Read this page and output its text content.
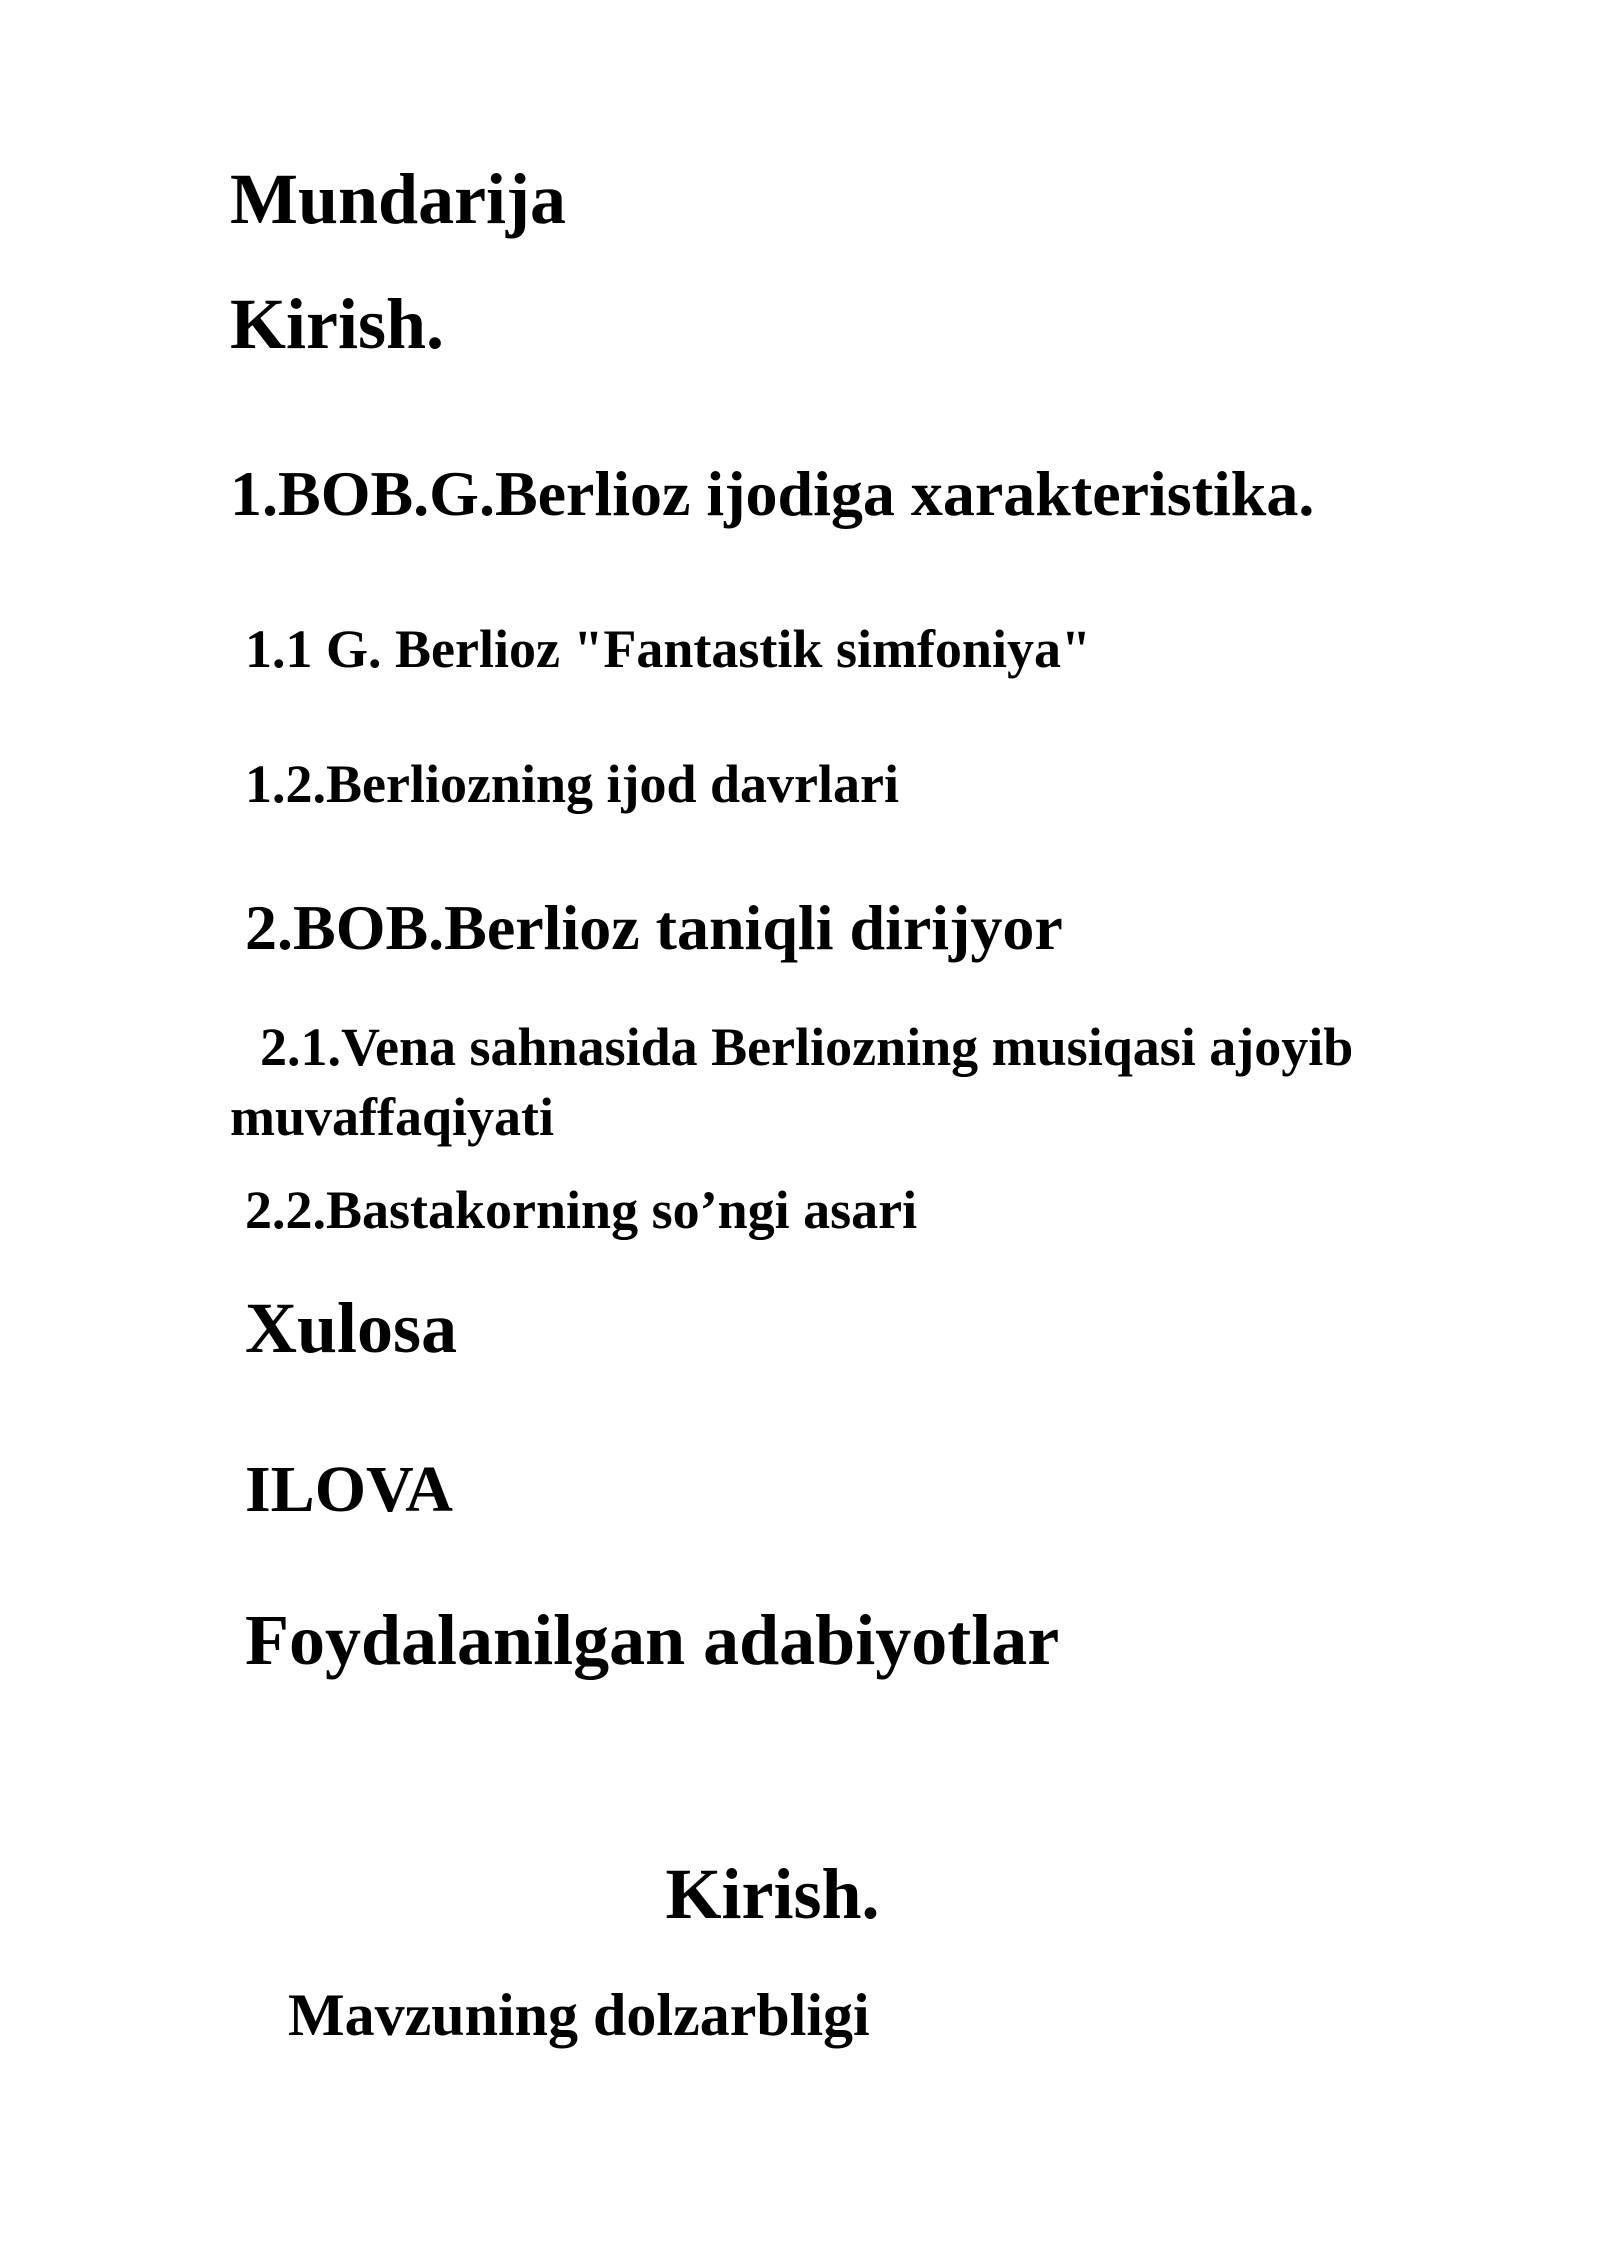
Mundarija
Kirish.
1.BOB.G.Berlioz ijodiga xarakteristika.
1.1 G. Berlioz "Fantastik simfoniya"
1.2.Berliozning ijod davrlari
2.BOB.Berlioz taniqli dirijyor
2.1.Vena sahnasida Berliozning musiqasi ajoyib muvaffaqiyati
2.2.Bastakorning so’ngi asari
Xulosa
ILOVA
Foydalanilgan adabiyotlar
Kirish.
Mavzuning dolzarbligi
